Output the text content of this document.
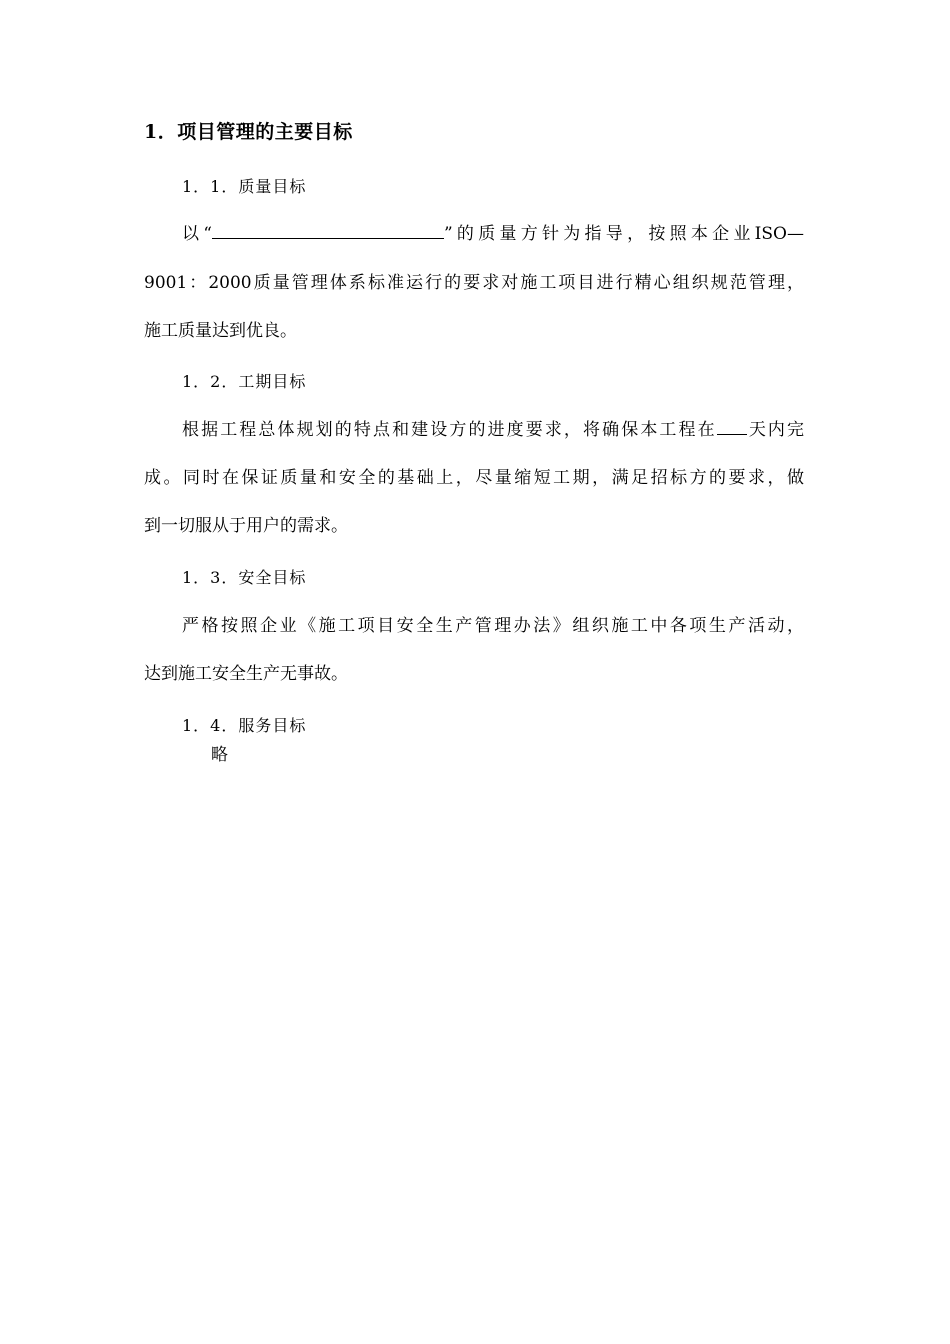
1．项目管理的主要目标
1．1．质量目标
以“	”的质量方针为指导，按照本企业ISO—
9001：2000质量管理体系标准运行的要求对施工项目进行精心组织规范管理，
施工质量达到优良。
1．2．工期目标
根据工程总体规划的特点和建设方的进度要求，将确保本工程在 天内完
成。同时在保证质量和安全的基础上，尽量缩短工期，满足招标方的要求，做
到一切服从于用户的需求。
1．3．安全目标
严格按照企业《施工项目安全生产管理办法》组织施工中各项生产活动，
达到施工安全生产无事故。
1．4．服务目标
略
